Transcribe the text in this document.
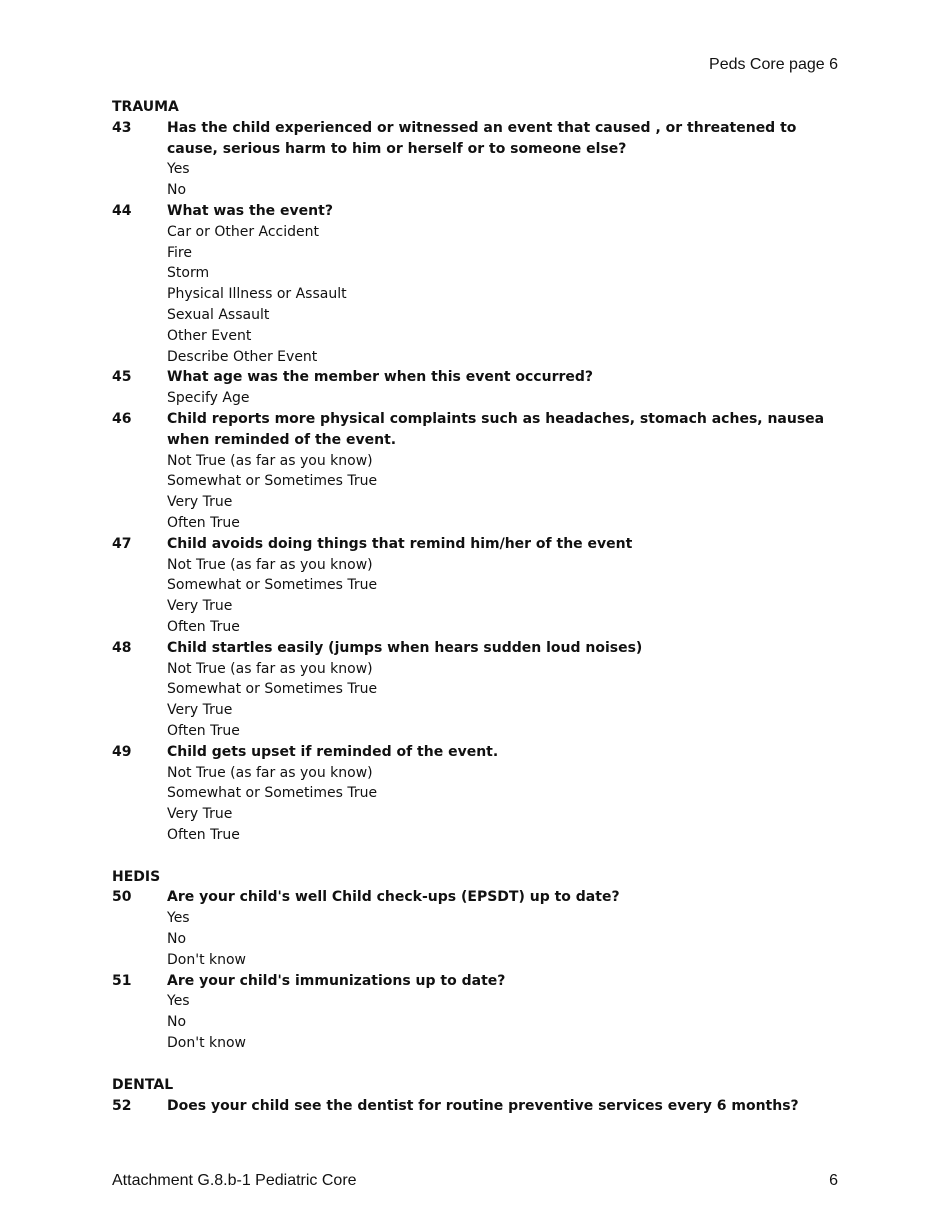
Peds Core page 6
TRAUMA
43	Has the child experienced or witnessed an event that caused , or threatened to cause, serious harm to him or herself or to someone else?
Yes
No
44	What was the event?
Car or Other Accident
Fire
Storm
Physical Illness or Assault
Sexual Assault
Other Event
Describe Other Event
45	What age was the member when this event occurred?
Specify Age
46	Child reports more physical complaints such as headaches, stomach aches, nausea when reminded of the event.
Not True (as far as you know)
Somewhat or Sometimes True
Very True
Often True
47	Child avoids doing things that remind him/her of the event
Not True (as far as you know)
Somewhat or Sometimes True
Very True
Often True
48	Child startles easily (jumps when hears sudden loud noises)
Not True (as far as you know)
Somewhat or Sometimes True
Very True
Often True
49	Child gets upset if reminded of the event.
Not True (as far as you know)
Somewhat or Sometimes True
Very True
Often True
HEDIS
50	Are your child's well Child check-ups (EPSDT) up to date?
Yes
No
Don't know
51	Are your child's immunizations up to date?
Yes
No
Don't know
DENTAL
52	Does your child see the dentist for routine preventive services every 6 months?
Attachment G.8.b-1 Pediatric Core	6
